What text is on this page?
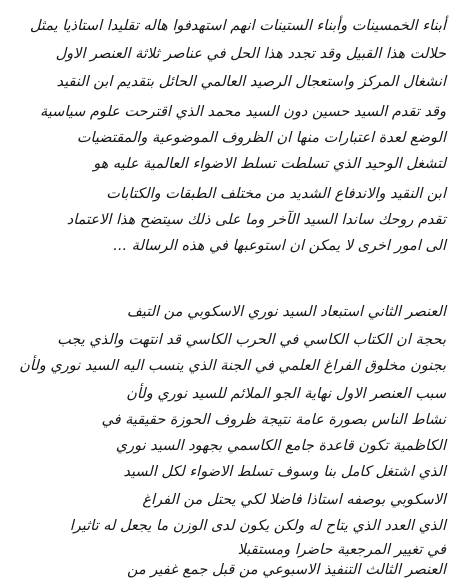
أبناء الخمسينات وأبناء الستينات انهم استهدفوا هاله تقليدا استاذيا يمثل
حلالت هذا القبيل وقد تجدد هذا الحل في عناصر ثلاثة العنصر الاول
انشغال المركز واستعجال الرصيد العالمي الحائل بتقديم ابن النقيد
وقد تقدم السيد حسين دون السيد محمد الذي اقترحت علوم سياسية
الوضع لعدة اعتبارات منها ان الظروف الموضوعية والمقتضيات
لتشغل الوحيد الذي تسلطت تسلط الاضواء العالمية عليه هو
ابن النقيد والاندفاع الشديد من مختلف الطبقات والكتابات
تقدم روحك ساندا السيد الآخر وما على ذلك سيتضح هذا الاعتماد
الى امور اخرى لا يمكن ان استوعبها في هذه الرسالة ...
العنصر الثاني استبعاد السيد نوري الاسكوبي من التيف
بحجة ان الكتاب الكاسي في الحرب الكاسي قد انتهت والذي يجب
بجنون مخلوق الفراغ العلمي في الجنة الذي ينسب اليه السيد نوري ولأن
سبب العنصر الاول نهاية الجو الملائم للسيد نوري ولأن
نشاط الناس بصورة عامة نتيجة ظروف الحوزة حقيقية في
الكاظمية تكون قاعدة جامع الكاسمي بجهود السيد نوري
الذي اشتغل كامل بنا وسوف تسلط الاضواء لكل السيد
الاسكوبي بوصفه استاذا فاضلا لكي يحتل من الفراغ
الذي العدد الذي يتاح له ولكن يكون لدى الوزن ما يجعل له تاثيرا
في تغيير المرجعية حاضرا ومستقبلا
العنصر الثالث التنفيذ الاسبوعي من قبل جمع غفير من
